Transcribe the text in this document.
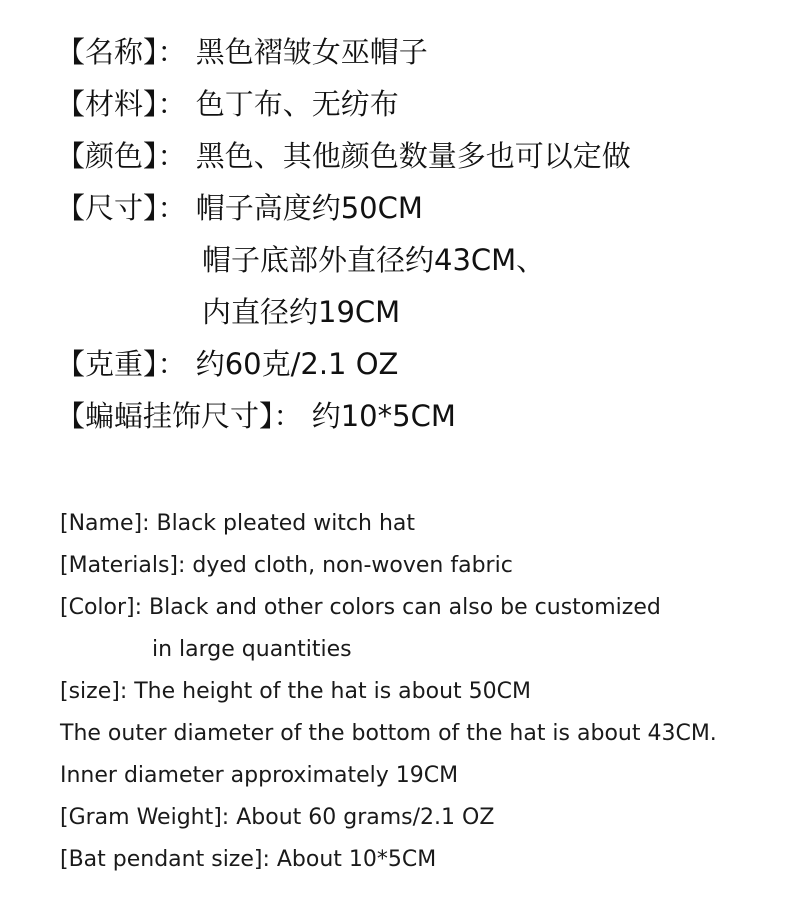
【名称】： 黑色褶皱女巫帽子
【材料】： 色丁布、无纺布
【颜色】： 黑色、其他颜色数量多也可以定做
【尺寸】： 帽子高度约50CM
帽子底部外直径约43CM、
内直径约19CM
【克重】： 约60克/2.1 OZ
【蝙蝠挂饰尺寸】： 约10*5CM
[Name]: Black pleated witch hat
[Materials]: dyed cloth, non-woven fabric
[Color]: Black and other colors can also be customized
in large quantities
[size]: The height of the hat is about 50CM
The outer diameter of the bottom of the hat is about 43CM.
Inner diameter approximately 19CM
[Gram Weight]: About 60 grams/2.1 OZ
[Bat pendant size]: About 10*5CM
